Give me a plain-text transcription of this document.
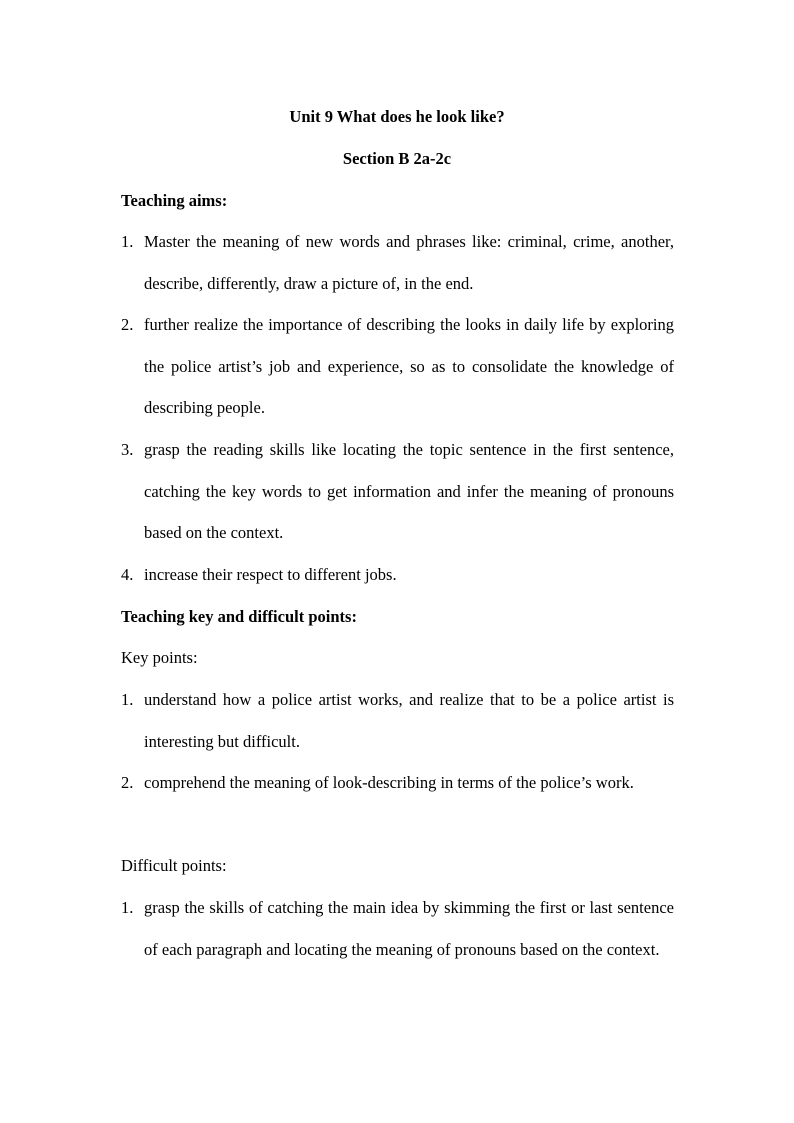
Unit 9 What does he look like?
Section B 2a-2c
Teaching aims:
1. Master the meaning of new words and phrases like: criminal, crime, another, describe, differently, draw a picture of, in the end.
2. further realize the importance of describing the looks in daily life by exploring the police artist’s job and experience, so as to consolidate the knowledge of describing people.
3. grasp the reading skills like locating the topic sentence in the first sentence, catching the key words to get information and infer the meaning of pronouns based on the context.
4. increase their respect to different jobs.
Teaching key and difficult points:
Key points:
1. understand how a police artist works, and realize that to be a police artist is interesting but difficult.
2. comprehend the meaning of look-describing in terms of the police’s work.
Difficult points:
1. grasp the skills of catching the main idea by skimming the first or last sentence of each paragraph and locating the meaning of pronouns based on the context.
